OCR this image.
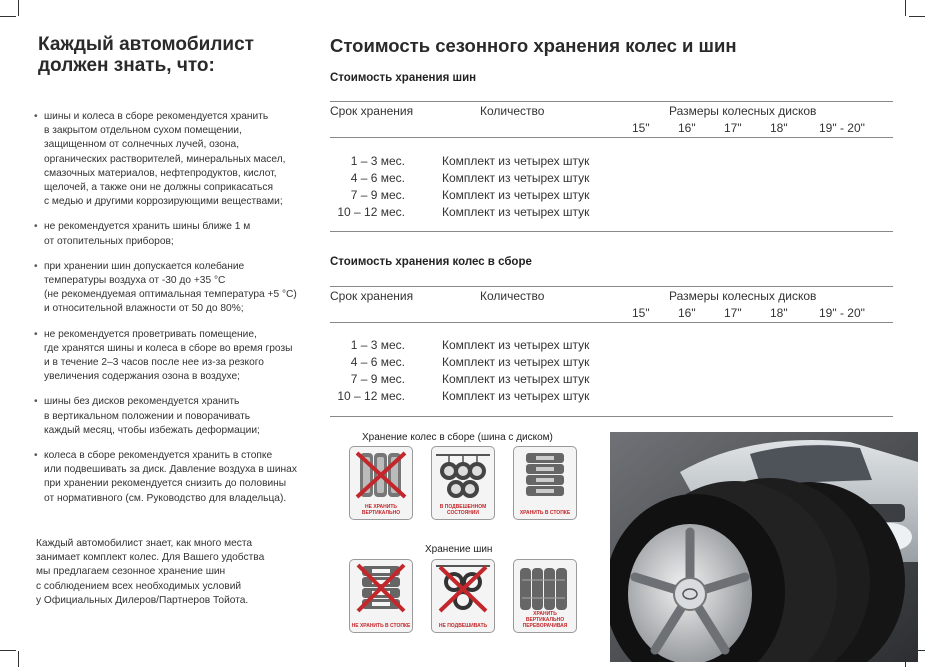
Каждый автомобилист
должен знать, что:
• шины и колеса в сборе рекомендуется хранить
в закрытом отдельном сухом помещении,
защищенном от солнечных лучей, озона,
органических растворителей, минеральных масел,
смазочных материалов, нефтепродуктов, кислот,
щелочей, а также они не должны соприкасаться
с медью и другими коррозирующими веществами;
• не рекомендуется хранить шины ближе 1 м
от отопительных приборов;
• при хранении шин допускается колебание
температуры воздуха от -30 до +35 °С
(не рекомендуемая оптимальная температура +5 °С)
и относительной влажности от 50 до 80%;
• не рекомендуется проветривать помещение,
где хранятся шины и колеса в сборе во время грозы
и в течение 2–3 часов после нее из-за резкого
увеличения содержания озона в воздухе;
• шины без дисков рекомендуется хранить
в вертикальном положении и поворачивать
каждый месяц, чтобы избежать деформации;
• колеса в сборе рекомендуется хранить в стопке
или подвешивать за диск. Давление воздуха в шинах
при хранении рекомендуется снизить до половины
от нормативного (см. Руководство для владельца).
Каждый автомобилист знает, как много места
занимает комплект колес. Для Вашего удобства
мы предлагаем сезонное хранение шин
с соблюдением всех необходимых условий
у Официальных Дилеров/Партнеров Тойота.
Стоимость сезонного хранения колес и шин
Стоимость хранения шин
Срок хранения	Количество	Размеры колесных дисков
15" 16" 17" 18"	19" - 20"
1 – 3 мес.	Комплект из четырех штук
4 – 6 мес.	Комплект из четырех штук
7 – 9 мес.	Комплект из четырех штук
10 – 12 мес.	Комплект из четырех штук
Стоимость хранения колес в сборе
Срок хранения	Количество	Размеры колесных дисков
15" 16" 17" 18"	19" - 20"
1 – 3 мес.	Комплект из четырех штук
4 – 6 мес.	Комплект из четырех штук
7 – 9 мес.	Комплект из четырех штук
10 – 12 мес.	Комплект из четырех штук
Хранение колес в сборе (шина с диском)
НЕ ХРАНИТЬ
ВЕРТИКАЛЬНО
В ПОДВЕШЕННОМ
СОСТОЯНИИ	ХРАНИТЬ В СТОПКЕ
Хранение шин
НЕ ХРАНИТЬ В СТОПКЕ	НЕ ПОДВЕШИВАТЬ
ХРАНИТЬ ВЕРТИКАЛЬНО
ПЕРЕВОРАЧИВАЯ
